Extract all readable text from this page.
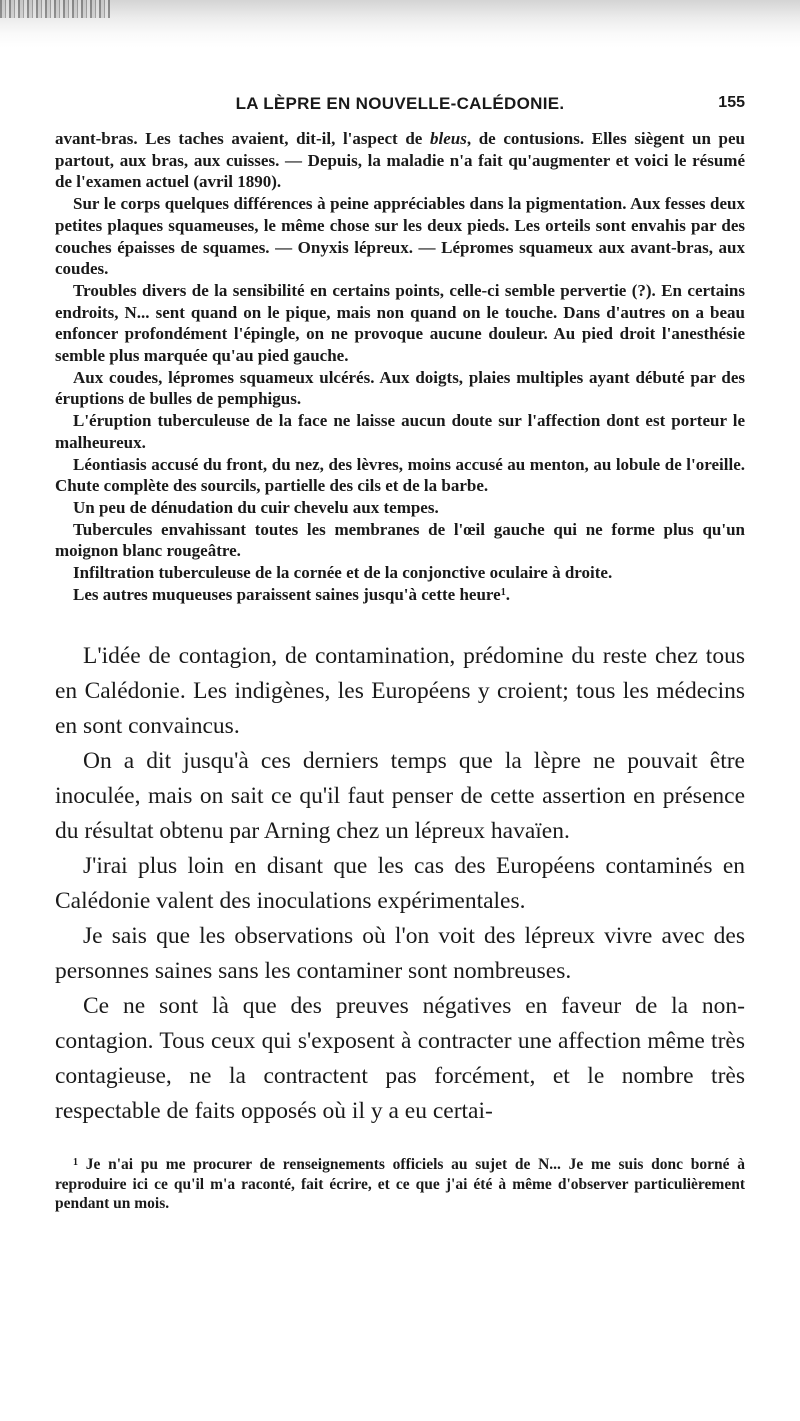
LA LÈPRE EN NOUVELLE-CALÉDONIE.	155

avant-bras. Les taches avaient, dit-il, l'aspect de bleus, de contusions. Elles siègent un peu partout, aux bras, aux cuisses. — Depuis, la maladie n'a fait qu'augmenter et voici le résumé de l'examen actuel (avril 1890).

Sur le corps quelques différences à peine appréciables dans la pigmentation. Aux fesses deux petites plaques squameuses, le même chose sur les deux pieds. Les orteils sont envahis par des couches épaisses de squames. — Onyxis lépreux. — Lépromes squameux aux avant-bras, aux coudes.

Troubles divers de la sensibilité en certains points, celle-ci semble pervertie (?). En certains endroits, N... sent quand on le pique, mais non quand on le touche. Dans d'autres on a beau enfoncer profondément l'épingle, on ne provoque aucune douleur. Au pied droit l'anesthésie semble plus marquée qu'au pied gauche.

Aux coudes, lépromes squameux ulcérés. Aux doigts, plaies multiples ayant débuté par des éruptions de bulles de pemphigus.

L'éruption tuberculeuse de la face ne laisse aucun doute sur l'affection dont est porteur le malheureux.

Léontiasis accusé du front, du nez, des lèvres, moins accusé au menton, au lobule de l'oreille. Chute complète des sourcils, partielle des cils et de la barbe.

Un peu de dénudation du cuir chevelu aux tempes.

Tubercules envahissant toutes les membranes de l'œil gauche qui ne forme plus qu'un moignon blanc rougeâtre.

Infiltration tuberculeuse de la cornée et de la conjonctive oculaire à droite.

Les autres muqueuses paraissent saines jusqu'à cette heure$^1$.

L'idée de contagion, de contamination, prédomine du reste chez tous en Calédonie. Les indigènes, les Européens y croient; tous les médecins en sont convaincus.

On a dit jusqu'à ces derniers temps que la lèpre ne pouvait être inoculée, mais on sait ce qu'il faut penser de cette assertion en présence du résultat obtenu par Arning chez un lépreux havaïen.

J'irai plus loin en disant que les cas des Européens contaminés en Calédonie valent des inoculations expérimentales.

Je sais que les observations où l'on voit des lépreux vivre avec des personnes saines sans les contaminer sont nombreuses.

Ce ne sont là que des preuves négatives en faveur de la non-contagion. Tous ceux qui s'exposent à contracter une affection même très contagieuse, ne la contractent pas forcément, et le nombre très respectable de faits opposés où il y a eu certai-

$^1$ Je n'ai pu me procurer de renseignements officiels au sujet de N... Je me suis donc borné à reproduire ici ce qu'il m'a raconté, fait écrire, et ce que j'ai été à même d'observer particulièrement pendant un mois.
